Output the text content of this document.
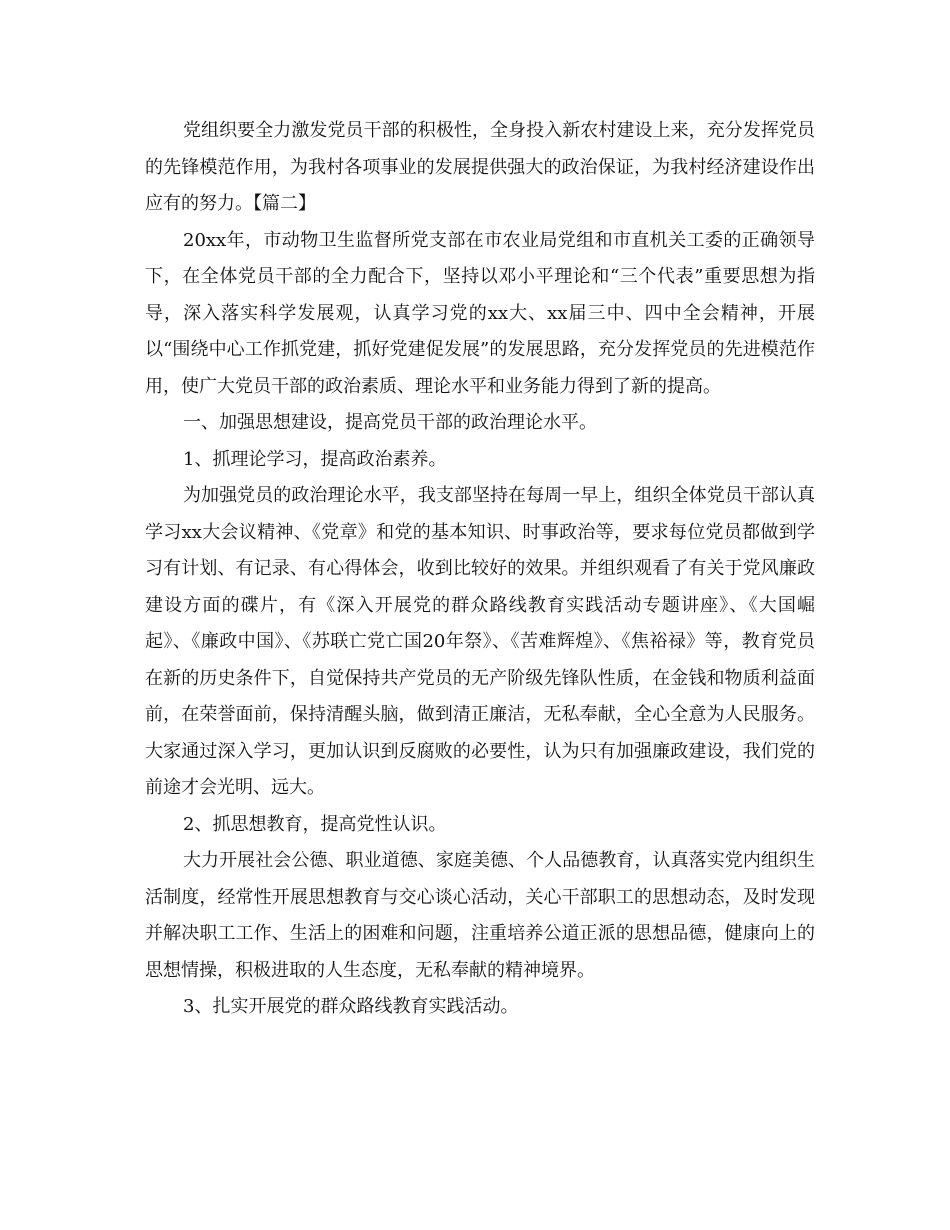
党组织要全力激发党员干部的积极性，全身投入新农村建设上来，充分发挥党员的先锋模范作用，为我村各项事业的发展提供强大的政治保证，为我村经济建设作出应有的努力。【篇二】

20xx年，市动物卫生监督所党支部在市农业局党组和市直机关工委的正确领导下，在全体党员干部的全力配合下，坚持以邓小平理论和“三个代表”重要思想为指导，深入落实科学发展观，认真学习党的xx大、xx届三中、四中全会精神，开展以“围绕中心工作抓党建，抓好党建促发展”的发展思路，充分发挥党员的先进模范作用，使广大党员干部的政治素质、理论水平和业务能力得到了新的提高。

一、加强思想建设，提高党员干部的政治理论水平。

1、抓理论学习，提高政治素养。

为加强党员的政治理论水平，我支部坚持在每周一早上，组织全体党员干部认真学习xx大会议精神、《党章》和党的基本知识、时事政治等，要求每位党员都做到学习有计划、有记录、有心得体会，收到比较好的效果。并组织观看了有关于党风廉政建设方面的碟片，有《深入开展党的群众路线教育实践活动专题讲座》、《大国崛起》、《廉政中国》、《苏联亡党亡国20年祭》、《苦难辉煌》、《焦裕禄》等，教育党员在新的历史条件下，自觉保持共产党员的无产阶级先锋队性质，在金钱和物质利益面前，在荣誉面前，保持清醒头脑，做到清正廉洁，无私奉献，全心全意为人民服务。大家通过深入学习，更加认识到反腐败的必要性，认为只有加强廉政建设，我们党的前途才会光明、远大。

2、抓思想教育，提高党性认识。

大力开展社会公德、职业道德、家庭美德、个人品德教育，认真落实党内组织生活制度，经常性开展思想教育与交心谈心活动，关心干部职工的思想动态，及时发现并解决职工工作、生活上的困难和问题，注重培养公道正派的思想品德，健康向上的思想情操，积极进取的人生态度，无私奉献的精神境界。

3、扎实开展党的群众路线教育实践活动。
